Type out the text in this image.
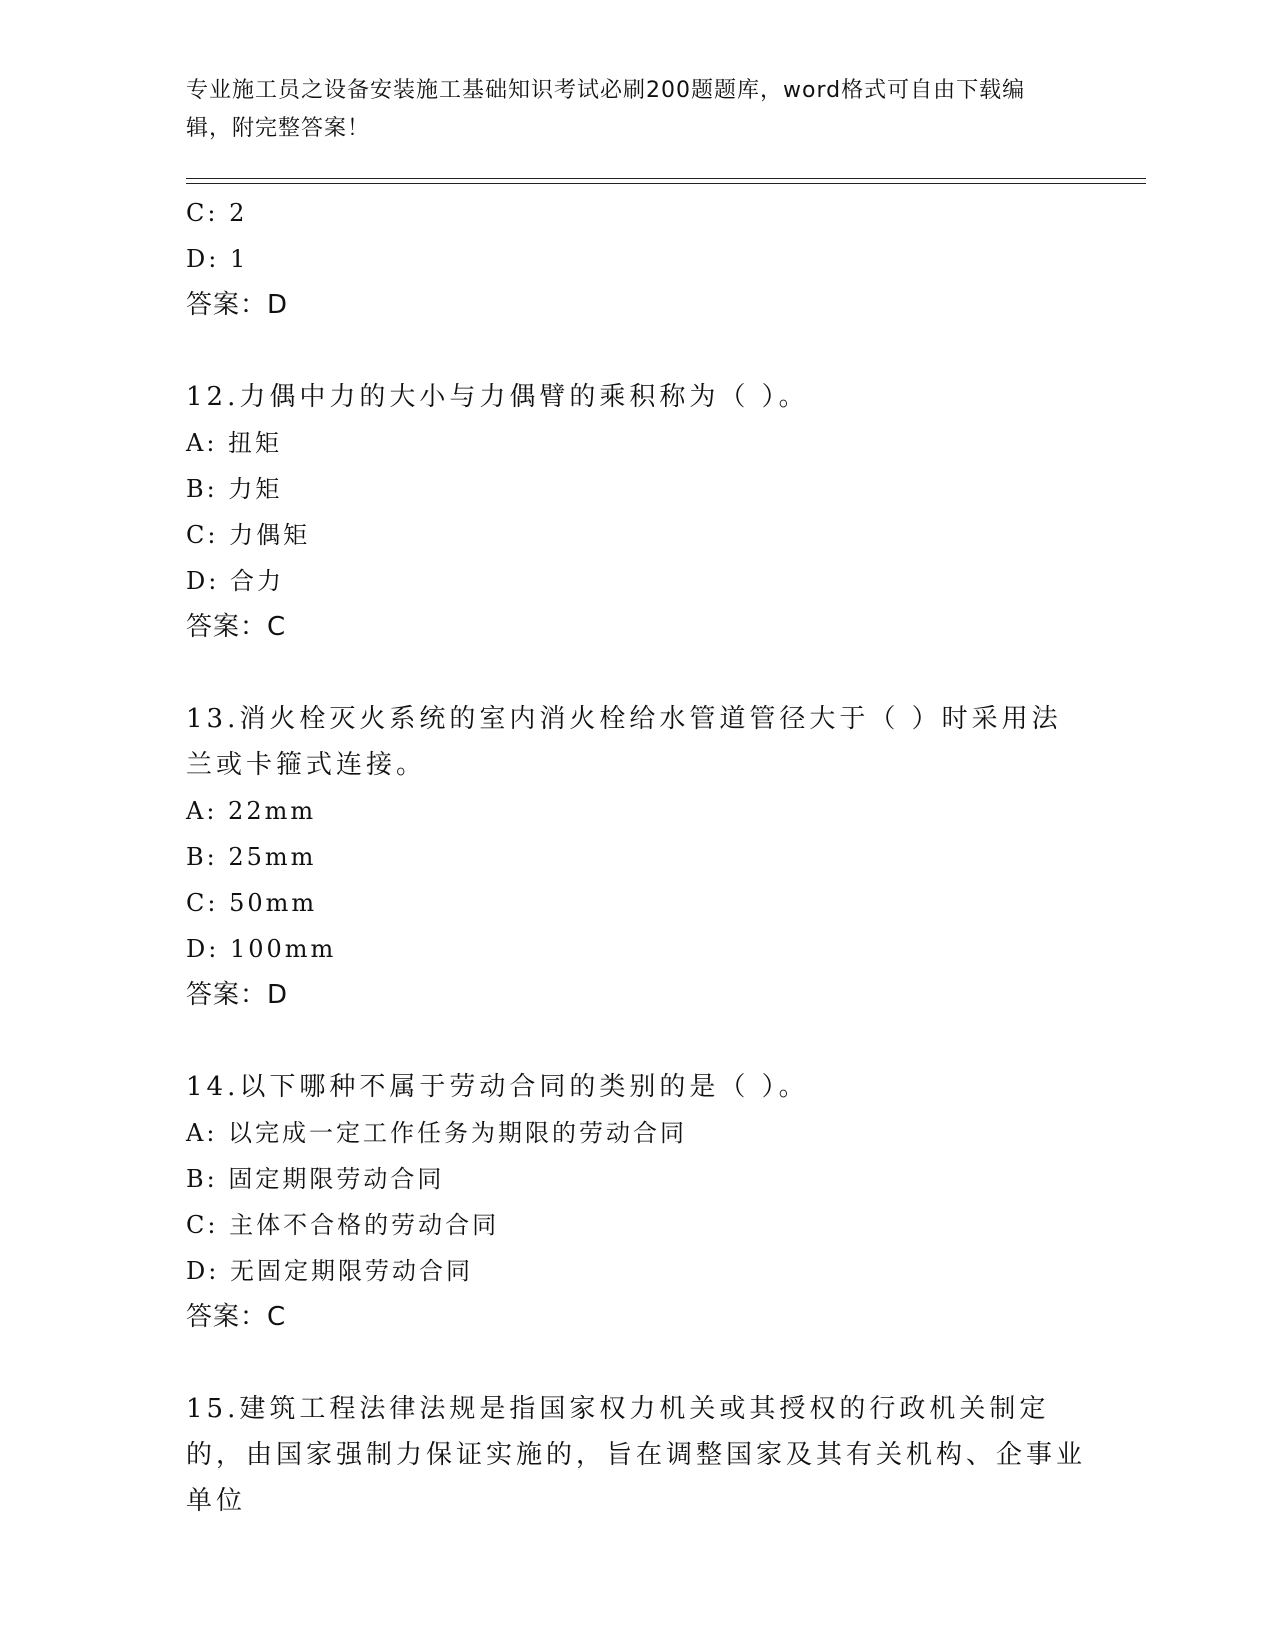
专业施工员之设备安装施工基础知识考试必刷200题题库，word格式可自由下载编辑，附完整答案！
C: 2
D: 1
答案：D
12.力偶中力的大小与力偶臂的乘积称为（ ）。
A: 扭矩
B: 力矩
C: 力偶矩
D: 合力
答案：C
13.消火栓灭火系统的室内消火栓给水管道管径大于（ ）时采用法兰或卡箍式连接。
A: 22mm
B: 25mm
C: 50mm
D: 100mm
答案：D
14.以下哪种不属于劳动合同的类别的是（ ）。
A: 以完成一定工作任务为期限的劳动合同
B: 固定期限劳动合同
C: 主体不合格的劳动合同
D: 无固定期限劳动合同
答案：C
15.建筑工程法律法规是指国家权力机关或其授权的行政机关制定的，由国家强制力保证实施的，旨在调整国家及其有关机构、企事业单位
